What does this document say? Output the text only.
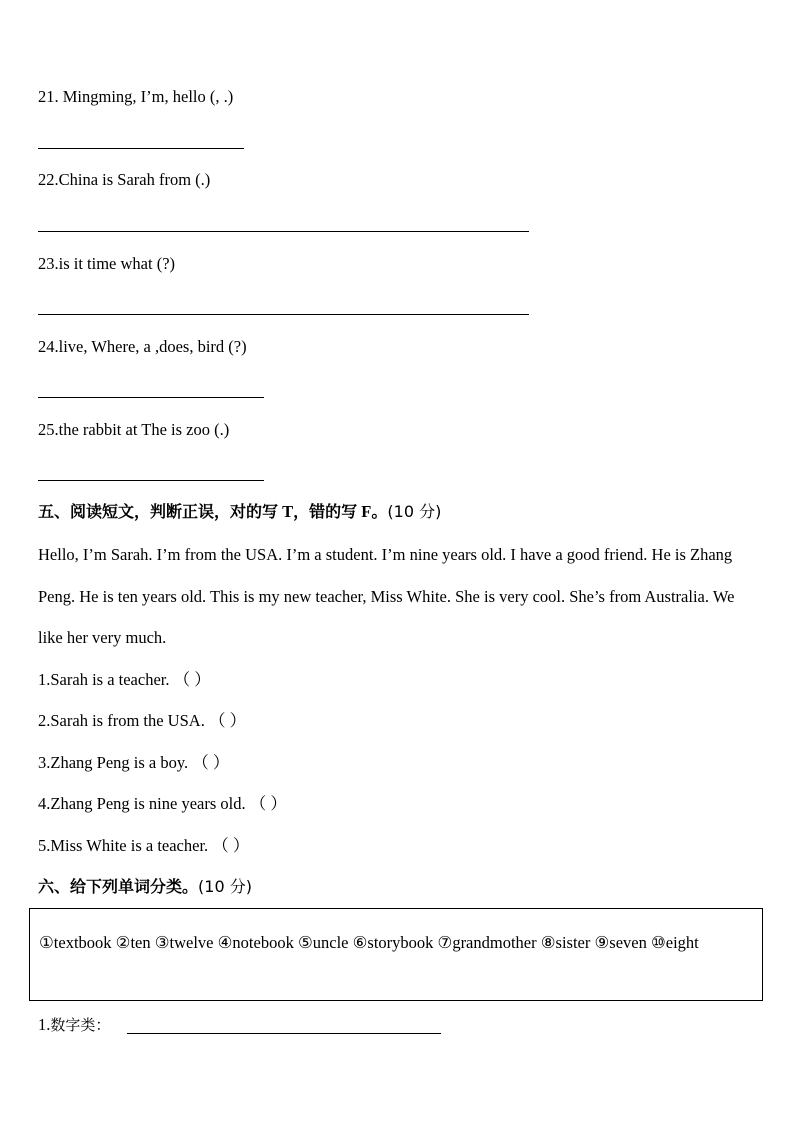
21. Mingming, I’m, hello (, .)
22.China is Sarah from (.)
23.is it time what (?)
24.live, Where, a ,does, bird (?)
25.the rabbit at The is zoo (.)
五、阅读短文，判断正误，对的写 T，错的写 F。(10 分)
Hello, I’m Sarah. I’m from the USA. I’m a student. I’m nine years old. I have a good friend. He is Zhang Peng. He is ten years old. This is my new teacher, Miss White. She is very cool. She’s from Australia. We like her very much.
1.Sarah is a teacher. （ ）
2.Sarah is from the USA. （ ）
3.Zhang Peng is a boy. （ ）
4.Zhang Peng is nine years old. （ ）
5.Miss White is a teacher. （ ）
六、给下列单词分类。(10 分)
①textbook ②ten ③twelve ④notebook ⑤uncle ⑥storybook ⑦grandmother ⑧sister ⑨seven ⑩eight
1.数字类：
